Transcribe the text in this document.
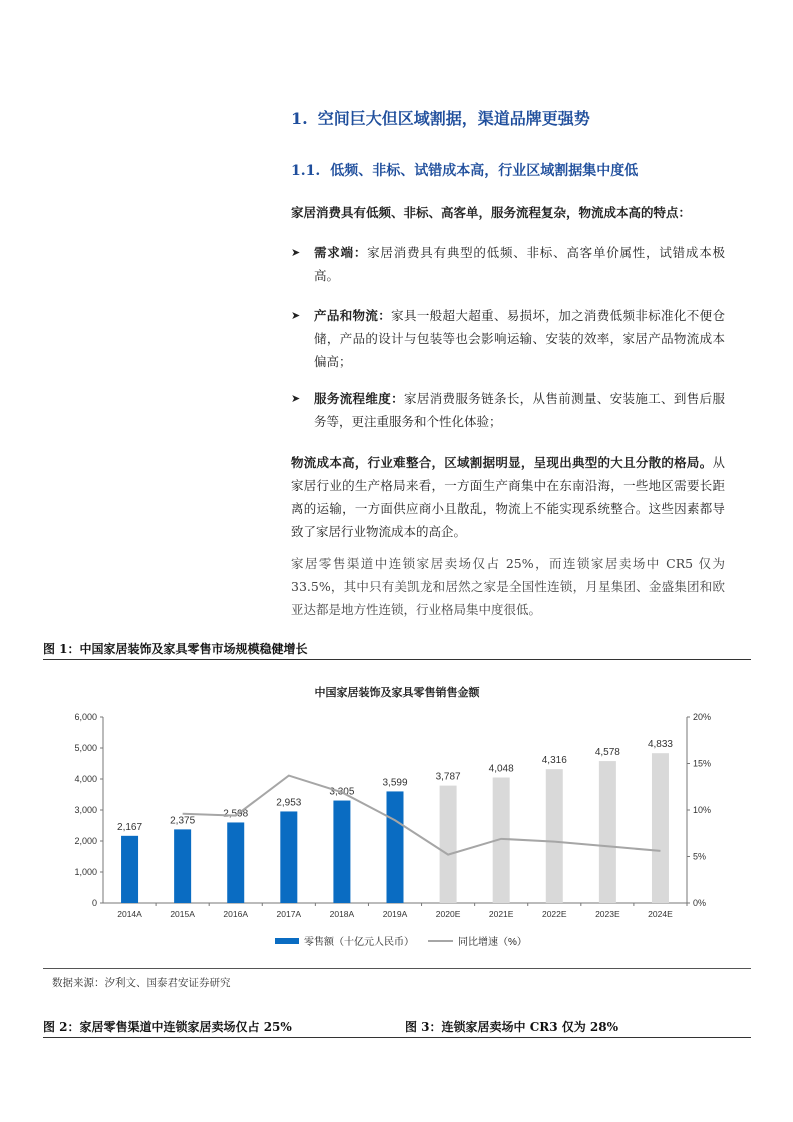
1. 空间巨大但区域割据，渠道品牌更强势
1.1. 低频、非标、试错成本高，行业区域割据集中度低

家居消费具有低频、非标、高客单，服务流程复杂，物流成本高的特点：

➤ 需求端：家居消费具有典型的低频、非标、高客单价属性，试错成本极高。
➤ 产品和物流：家具一般超大超重、易损坏，加之消费低频非标准化不便仓储，产品的设计与包装等也会影响运输、安装的效率，家居产品物流成本偏高；
➤ 服务流程维度：家居消费服务链条长，从售前测量、安装施工、到售后服务等，更注重服务和个性化体验；

物流成本高，行业难整合，区域割据明显，呈现出典型的大且分散的格局。从家居行业的生产格局来看，一方面生产商集中在东南沿海，一些地区需要长距离的运输，一方面供应商小且散乱，物流上不能实现系统整合。这些因素都导致了家居行业物流成本的高企。

家居零售渠道中连锁家居卖场仅占 25%，而连锁家居卖场中 CR5 仅为 33.5%，其中只有美凯龙和居然之家是全国性连锁，月星集团、金盛集团和欧亚达都是地方性连锁，行业格局集中度很低。

图 1：中国家居装饰及家具零售市场规模稳健增长
中国家居装饰及家具零售销售金额
0
1,000
2,000
3,000
4,000
5,000
6,000
0%
5%
10%
15%
20%
2,167
2014A
2,375
2015A
2,598
2016A
2,953
2017A
3,305
2018A
3,599
2019A
3,787
2020E
4,048
2021E
4,316
2022E
4,578
2023E
4,833
2024E
零售额（十亿元人民币）	同比增速（%）
数据来源：汐利文、国泰君安证券研究
图 2：家居零售渠道中连锁家居卖场仅占 25%	图 3：连锁家居卖场中 CR3 仅为 28%
